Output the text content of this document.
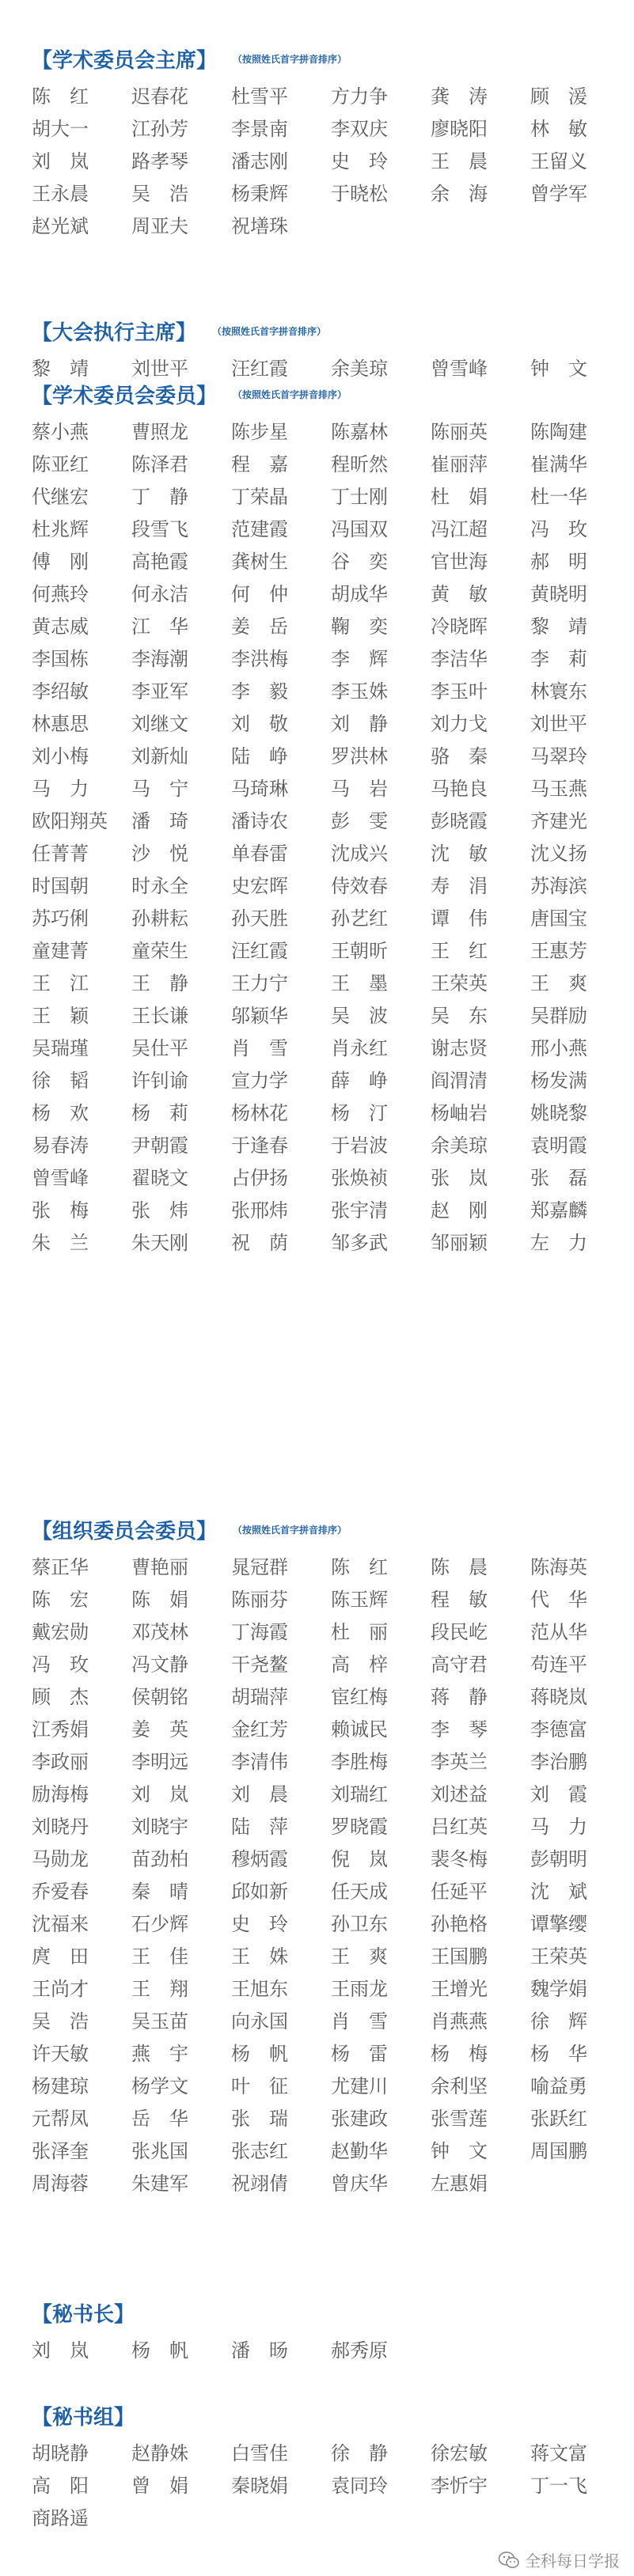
【学术委员会主席】 （按照姓氏首字拼音排序）
陈　红 迟春花 杜雪平 方力争 龚　涛 顾　湲
胡大一 江孙芳 李景南 李双庆 廖晓阳 林　敏
刘　岚 路孝琴 潘志刚 史　玲 王　晨 王留义
王永晨 吴　浩 杨秉辉 于晓松 余　海 曾学军
赵光斌 周亚夫 祝墡珠
【大会执行主席】 （按照姓氏首字拼音排序）
黎　靖 刘世平 汪红霞 余美琼 曾雪峰 钟　文
【学术委员会委员】 （按照姓氏首字拼音排序）
蔡小燕 曹照龙 陈步星 陈嘉林 陈丽英 陈陶建
陈亚红 陈泽君 程　嘉 程昕然 崔丽萍 崔满华
代继宏 丁　静 丁荣晶 丁士刚 杜　娟 杜一华
杜兆辉 段雪飞 范建霞 冯国双 冯江超 冯　玫
傅　刚 高艳霞 龚树生 谷　奕 官世海 郝　明
何燕玲 何永洁 何　仲 胡成华 黄　敏 黄晓明
黄志威 江　华 姜　岳 鞠　奕 冷晓晖 黎　靖
李国栋 李海潮 李洪梅 李　辉 李洁华 李　莉
李绍敏 李亚军 李　毅 李玉姝 李玉叶 林寰东
林惠思 刘继文 刘　敬 刘　静 刘力戈 刘世平
刘小梅 刘新灿 陆　峥 罗洪林 骆　秦 马翠玲
马　力 马　宁 马琦琳 马　岩 马艳良 马玉燕
欧阳翔英 潘　琦 潘诗农 彭　雯 彭晓霞 齐建光
任菁菁 沙　悦 单春雷 沈成兴 沈　敏 沈义扬
时国朝 时永全 史宏晖 侍效春 寿　涓 苏海滨
苏巧俐 孙耕耘 孙天胜 孙艺红 谭　伟 唐国宝
童建菁 童荣生 汪红霞 王朝昕 王　红 王惠芳
王　江 王　静 王力宁 王　墨 王荣英 王　爽
王　颖 王长谦 邬颖华 吴　波 吴　东 吴群励
吴瑞瑾 吴仕平 肖　雪 肖永红 谢志贤 邢小燕
徐　韬 许钊谕 宣力学 薛　峥 阎渭清 杨发满
杨　欢 杨　莉 杨林花 杨　汀 杨岫岩 姚晓黎
易春涛 尹朝霞 于逢春 于岩波 余美琼 袁明霞
曾雪峰 翟晓文 占伊扬 张焕祯 张　岚 张　磊
张　梅 张　炜 张邢炜 张宇清 赵　刚 郑嘉麟
朱　兰 朱天刚 祝　荫 邹多武 邹丽颖 左　力
【组织委员会委员】 （按照姓氏首字拼音排序）
蔡正华 曹艳丽 晁冠群 陈　红 陈　晨 陈海英
陈　宏 陈　娟 陈丽芬 陈玉辉 程　敏 代　华
戴宏勋 邓茂林 丁海霞 杜　丽 段民屹 范从华
冯　玫 冯文静 干尧鳌 高　梓 高守君 苟连平
顾　杰 侯朝铭 胡瑞萍 宦红梅 蒋　静 蒋晓岚
江秀娟 姜　英 金红芳 赖诚民 李　琴 李德富
李政丽 李明远 李清伟 李胜梅 李英兰 李治鹏
励海梅 刘　岚 刘　晨 刘瑞红 刘述益 刘　霞
刘晓丹 刘晓宇 陆　萍 罗晓霞 吕红英 马　力
马勋龙 苗劲柏 穆炳霞 倪　岚 裴冬梅 彭朝明
乔爱春 秦　晴 邱如新 任天成 任延平 沈　斌
沈福来 石少辉 史　玲 孙卫东 孙艳格 谭擎缨
庹　田 王　佳 王　姝 王　爽 王国鹏 王荣英
王尚才 王　翔 王旭东 王雨龙 王增光 魏学娟
吴　浩 吴玉苗 向永国 肖　雪 肖燕燕 徐　辉
许天敏 燕　宇 杨　帆 杨　雷 杨　梅 杨　华
杨建琼 杨学文 叶　征 尤建川 余利坚 喻益勇
元帮凤 岳　华 张　瑞 张建政 张雪莲 张跃红
张泽奎 张兆国 张志红 赵勤华 钟　文 周国鹏
周海蓉 朱建军 祝翊倩 曾庆华 左惠娟
【秘书长】
刘　岚 杨　帆 潘　旸 郝秀原
【秘书组】
胡晓静 赵静姝 白雪佳 徐　静 徐宏敏 蒋文富
高　阳 曾　娟 秦晓娟 袁同玲 李忻宇 丁一飞
商路遥
全科每日学报
